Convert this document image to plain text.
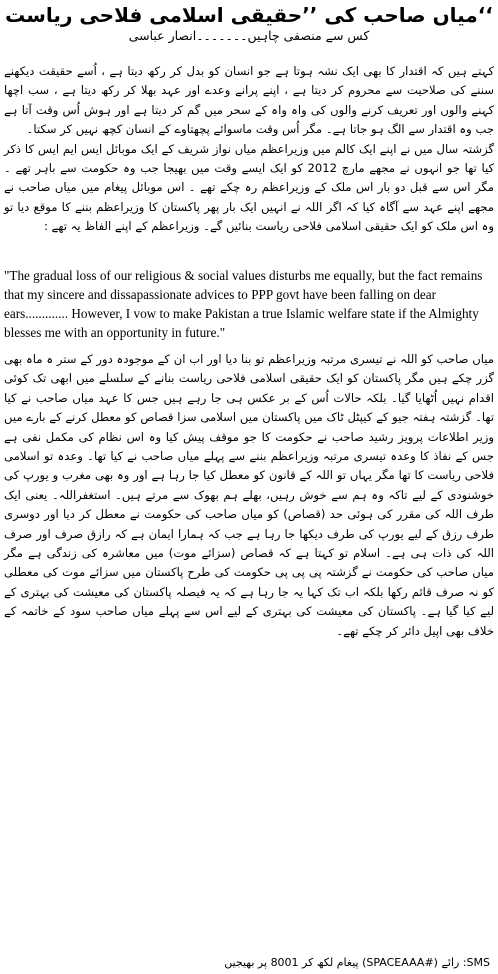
میاں صاحب کی ’’حقیقی اسلامی فلاحی ریاست‘‘
کس سے منصفی چاہیں۔۔۔۔۔۔۔انصار عباسی

کہتے ہیں کہ اقتدار کا بھی ایک نشہ ہوتا ہے جو انسان کو بدل کر رکھ دیتا ہے ، اُسے حقیقت دیکھنے سننے کی صلاحیت سے محروم کر دیتا ہے ، اپنے پرانے وعدے اور عہد بھلا کر رکھ دیتا ہے ، سب اچھا کہنے والوں اور تعریف کرنے والوں کی واہ واہ کے سحر میں گم کر دیتا ہے اور ہوش اُس وقت آتا ہے جب وہ اقتدار سے الگ ہو جاتا ہے۔ مگر اُس وقت ماسوائے پچھتاوے کے انسان کچھ نہیں کر سکتا۔

گزشتہ سال میں نے اپنے ایک کالم میں وزیراعظم میاں نواز شریف کے ایک موبائل ایس ایم ایس کا ذکر کیا تھا جو انہوں نے مجھے مارچ 2012 کو ایک ایسے وقت میں بھیجا جب وہ حکومت سے باہر تھے ۔ مگر اس سے قبل دو بار اس ملک کے وزیراعظم رہ چکے تھے ۔ اس موبائل پیغام میں میاں صاحب نے مجھے اپنے عہد سے آگاہ کیا کہ اگر اللہ نے انہیں ایک بار پھر پاکستان کا وزیراعظم بننے کا موقع دیا تو وہ اس ملک کو ایک حقیقی اسلامی فلاحی ریاست بنائیں گے۔ وزیراعظم کے اپنے الفاظ یہ تھے :

"The gradual loss of our religious & social values disturbs me equally, but the fact remains that my sincere and dissapassionate advices to PPP govt have been falling on dear ears............. However, I vow to make Pakistan a true Islamic welfare state if the Almighty blesses me with an opportunity in future."

میاں صاحب کو اللہ نے تیسری مرتبہ وزیراعظم تو بنا دیا اور اب ان کے موجودہ دور کے ستر ہ ماہ بھی گزر چکے ہیں مگر پاکستان کو ایک حقیقی اسلامی فلاحی ریاست بنانے کے سلسلے میں ابھی تک کوئی اقدام نہیں اُٹھایا گیا۔ بلکہ حالات اُس کے بر عکس ہی جا رہے ہیں جس کا عہد میاں صاحب نے کیا تھا۔ گزشتہ ہفتہ جیو کے کیپٹل ٹاک میں پاکستان میں اسلامی سزا قصاص کو معطل کرنے کے بارے میں وزیر اطلاعات پرویز رشید صاحب نے حکومت کا جو موقف پیش کیا وہ اس نظام کی مکمل نفی ہے جس کے نفاذ کا وعدہ تیسری مرتبہ وزیراعظم بننے سے پہلے میاں صاحب نے کیا تھا۔ وعدہ تو اسلامی فلاحی ریاست کا تھا مگر یہاں تو اللہ کے قانون کو معطل کیا جا رہا ہے اور وہ بھی مغرب و یورپ کی خوشنودی کے لیے تاکہ وہ ہم سے خوش رہیں، بھلے ہم بھوک سے مرتے ہیں۔ استغفراللہ۔ یعنی ایک طرف اللہ کی مقرر کی ہوئی حد (قصاص) کو میاں صاحب کی حکومت نے معطل کر دیا اور دوسری طرف رزق کے لیے یورپ کی طرف دیکھا جا رہا ہے جب کہ ہمارا ایمان ہے کہ رازق صرف اور صرف اللہ کی ذات ہی ہے۔ اسلام تو کہتا ہے کہ قصاص (سزائے موت) میں معاشرہ کی زندگی ہے مگر میاں صاحب کی حکومت نے گزشتہ پی پی پی حکومت کی طرح پاکستان میں سزائے موت کی معطلی کو نہ صرف قائم رکھا بلکہ اب تک کہا یہ جا رہا ہے کہ یہ فیصلہ پاکستان کی معیشت کی بہتری کے لیے کیا گیا ہے۔ پاکستان کی معیشت کی بہتری کے لیے اس سے پہلے میاں صاحب سود کے خاتمہ کے خلاف بھی اپیل دائر کر چکے تھے۔

SMS: رائے (#SPACEAAA) پیغام لکھ کر 8001 پر بھیجیں
